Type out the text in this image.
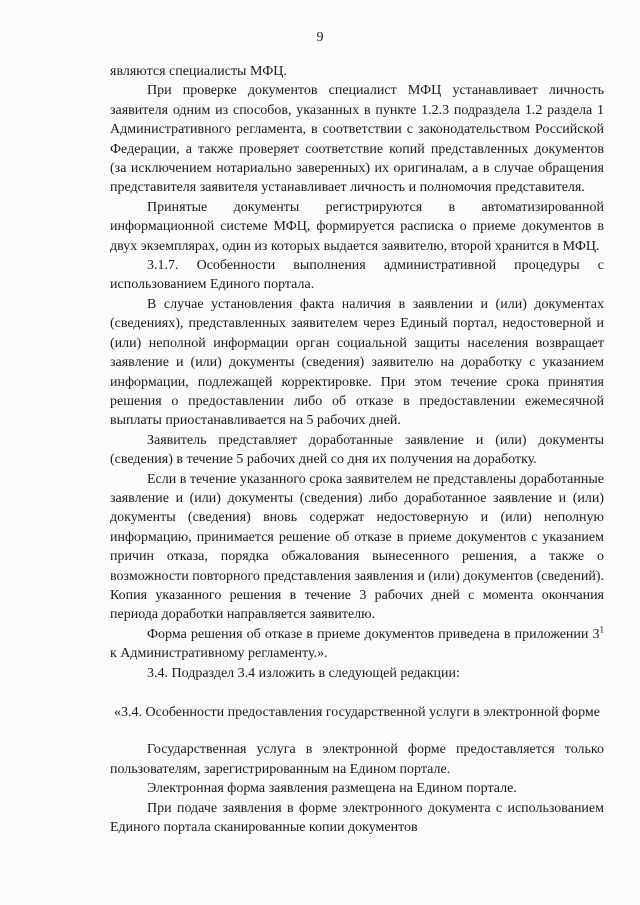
9

являются специалисты МФЦ.

При проверке документов специалист МФЦ устанавливает личность заявителя одним из способов, указанных в пункте 1.2.3 подраздела 1.2 раздела 1 Административного регламента, в соответствии с законодательством Российской Федерации, а также проверяет соответствие копий представленных документов (за исключением нотариально заверенных) их оригиналам, а в случае обращения представителя заявителя устанавливает личность и полномочия представителя.

Принятые документы регистрируются в автоматизированной информационной системе МФЦ, формируется расписка о приеме документов в двух экземплярах, один из которых выдается заявителю, второй хранится в МФЦ.

3.1.7. Особенности выполнения административной процедуры с использованием Единого портала.

В случае установления факта наличия в заявлении и (или) документах (сведениях), представленных заявителем через Единый портал, недостоверной и (или) неполной информации орган социальной защиты населения возвращает заявление и (или) документы (сведения) заявителю на доработку с указанием информации, подлежащей корректировке. При этом течение срока принятия решения о предоставлении либо об отказе в предоставлении ежемесячной выплаты приостанавливается на 5 рабочих дней.

Заявитель представляет доработанные заявление и (или) документы (сведения) в течение 5 рабочих дней со дня их получения на доработку.

Если в течение указанного срока заявителем не представлены доработанные заявление и (или) документы (сведения) либо доработанное заявление и (или) документы (сведения) вновь содержат недостоверную и (или) неполную информацию, принимается решение об отказе в приеме документов с указанием причин отказа, порядка обжалования вынесенного решения, а также о возможности повторного представления заявления и (или) документов (сведений). Копия указанного решения в течение 3 рабочих дней с момента окончания периода доработки направляется заявителю.

Форма решения об отказе в приеме документов приведена в приложении $3^1$ к Административному регламенту.».

3.4. Подраздел 3.4 изложить в следующей редакции:

«3.4. Особенности предоставления государственной услуги в электронной форме

Государственная услуга в электронной форме предоставляется только пользователям, зарегистрированным на Едином портале.

Электронная форма заявления размещена на Едином портале.

При подаче заявления в форме электронного документа с использованием Единого портала сканированные копии документов
